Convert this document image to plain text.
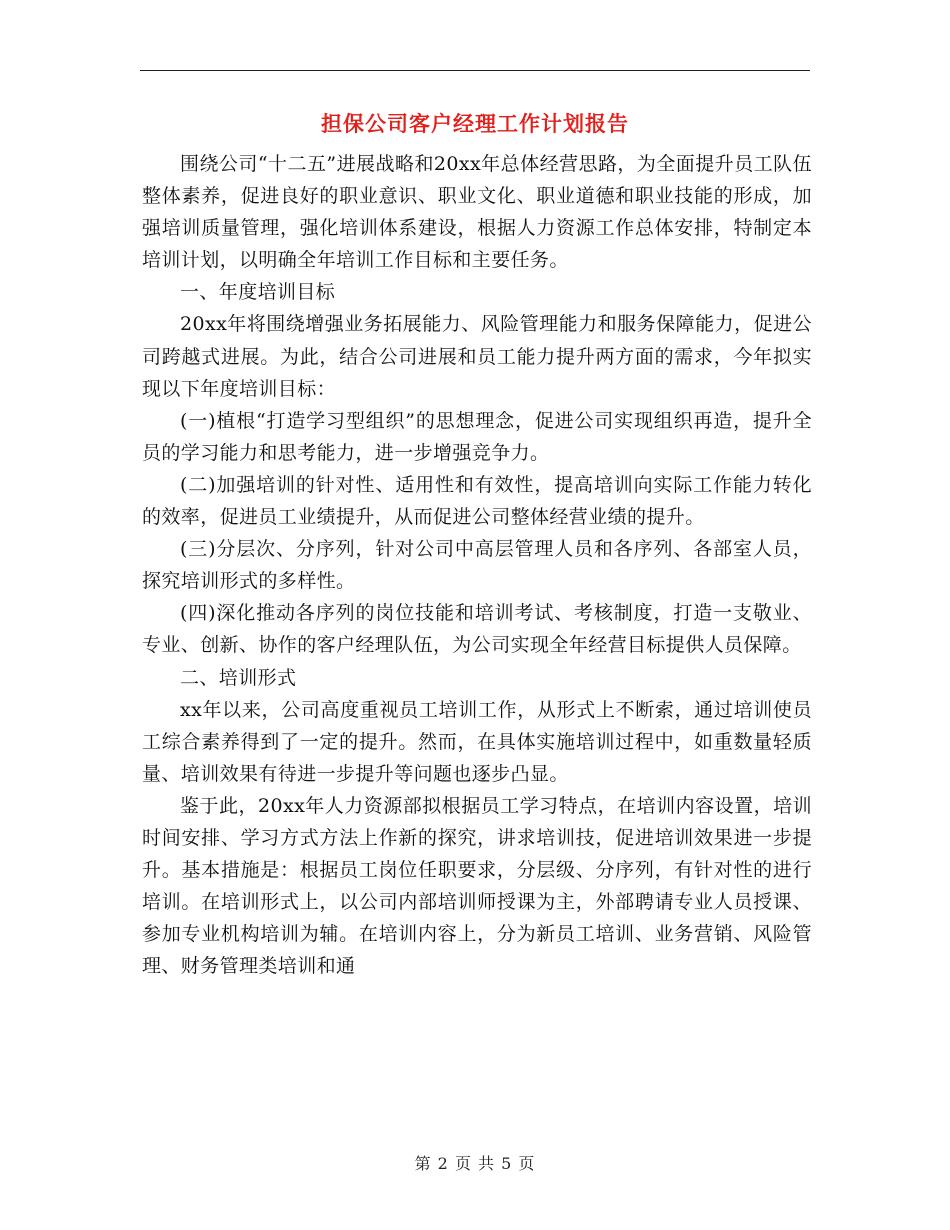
担保公司客户经理工作计划报告

围绕公司“十二五”进展战略和20xx年总体经营思路，为全面提升员工队伍整体素养，促进良好的职业意识、职业文化、职业道德和职业技能的形成，加强培训质量管理，强化培训体系建设，根据人力资源工作总体安排，特制定本培训计划，以明确全年培训工作目标和主要任务。

一、年度培训目标

20xx年将围绕增强业务拓展能力、风险管理能力和服务保障能力，促进公司跨越式进展。为此，结合公司进展和员工能力提升两方面的需求，今年拟实现以下年度培训目标：

(一)植根“打造学习型组织”的思想理念，促进公司实现组织再造，提升全员的学习能力和思考能力，进一步增强竞争力。

(二)加强培训的针对性、适用性和有效性，提高培训向实际工作能力转化的效率，促进员工业绩提升，从而促进公司整体经营业绩的提升。

(三)分层次、分序列，针对公司中高层管理人员和各序列、各部室人员，探究培训形式的多样性。

(四)深化推动各序列的岗位技能和培训考试、考核制度，打造一支敬业、专业、创新、协作的客户经理队伍，为公司实现全年经营目标提供人员保障。

二、培训形式

xx年以来，公司高度重视员工培训工作，从形式上不断索，通过培训使员工综合素养得到了一定的提升。然而，在具体实施培训过程中，如重数量轻质量、培训效果有待进一步提升等问题也逐步凸显。

鉴于此，20xx年人力资源部拟根据员工学习特点，在培训内容设置，培训时间安排、学习方式方法上作新的探究，讲求培训技，促进培训效果进一步提升。基本措施是：根据员工岗位任职要求，分层级、分序列，有针对性的进行培训。在培训形式上，以公司内部培训师授课为主，外部聘请专业人员授课、参加专业机构培训为辅。在培训内容上，分为新员工培训、业务营销、风险管理、财务管理类培训和通

第 2 页 共 5 页
